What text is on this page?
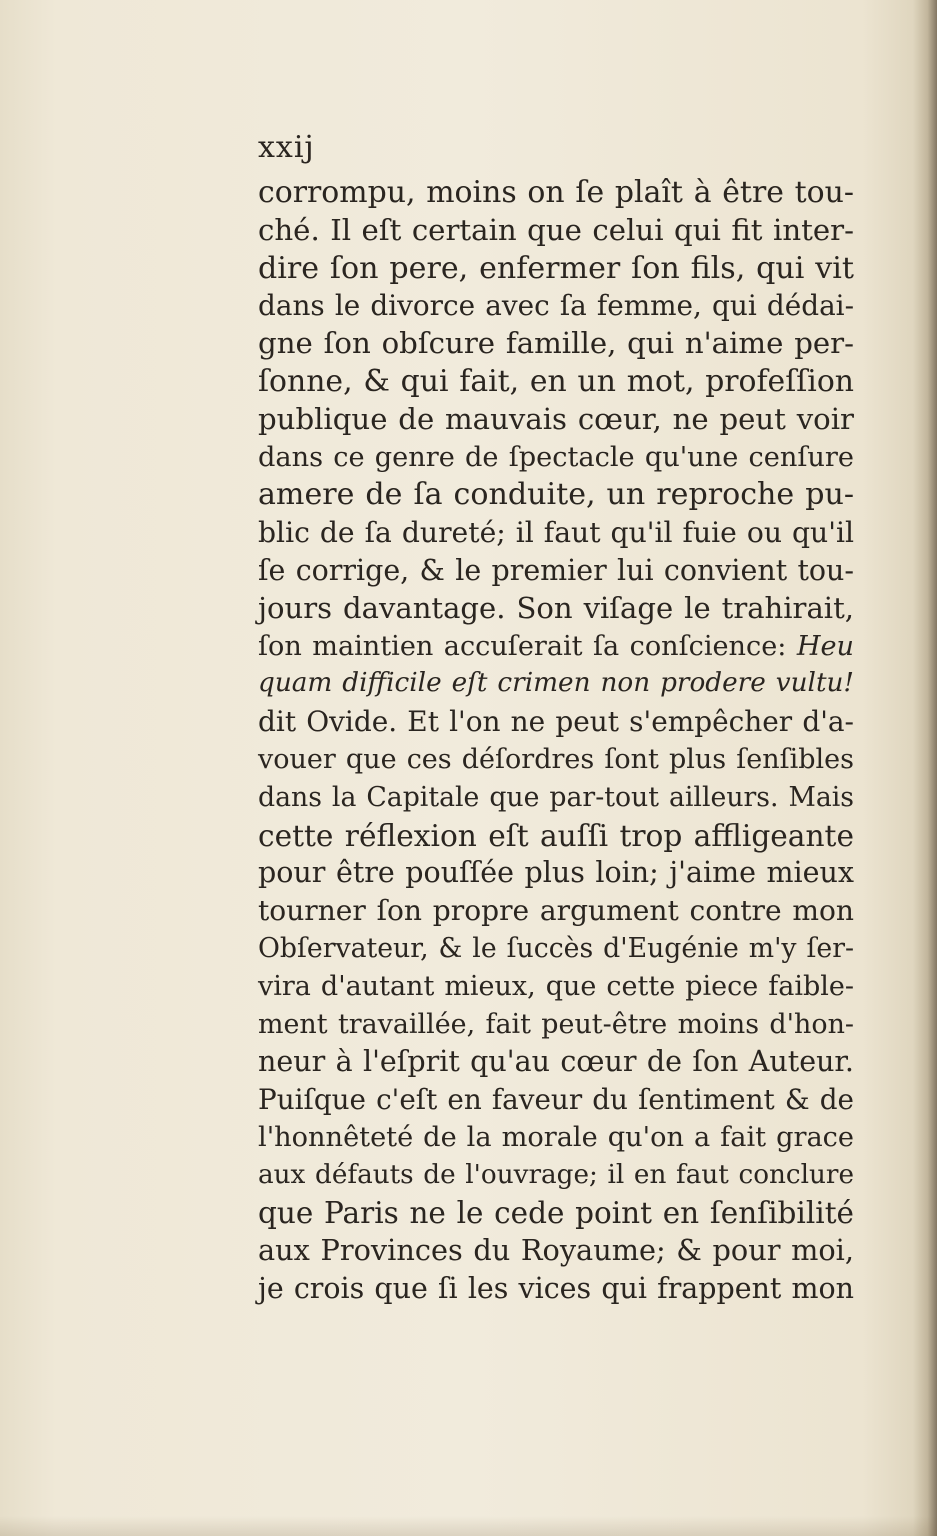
xxij
corrompu, moins on ſe plaît à être tou-
ché. Il eſt certain que celui qui fit inter-
dire ſon pere, enfermer ſon fils, qui vit
dans le divorce avec ſa femme, qui dédai-
gne ſon obſcure famille, qui n'aime per-
ſonne, & qui fait, en un mot, profeſſion
publique de mauvais cœur, ne peut voir
dans ce genre de ſpectacle qu'une cenſure
amere de ſa conduite, un reproche pu-
blic de ſa dureté; il faut qu'il fuie ou qu'il
ſe corrige, & le premier lui convient tou-
jours davantage. Son viſage le trahirait,
ſon maintien accuſerait ſa conſcience: Heu
quam difficile eſt crimen non prodere vultu!
dit Ovide. Et l'on ne peut s'empêcher d'a-
vouer que ces déſordres ſont plus ſenſibles
dans la Capitale que par-tout ailleurs. Mais
cette réflexion eſt auſſi trop affligeante
pour être pouſſée plus loin; j'aime mieux
tourner ſon propre argument contre mon
Obſervateur, & le ſuccès d'Eugénie m'y ſer-
vira d'autant mieux, que cette piece faible-
ment travaillée, fait peut-être moins d'hon-
neur à l'eſprit qu'au cœur de ſon Auteur.
Puiſque c'eſt en faveur du ſentiment & de
l'honnêteté de la morale qu'on a fait grace
aux défauts de l'ouvrage; il en faut conclure
que Paris ne le cede point en ſenſibilité
aux Provinces du Royaume; & pour moi,
je crois que ſi les vices qui frappent mon
